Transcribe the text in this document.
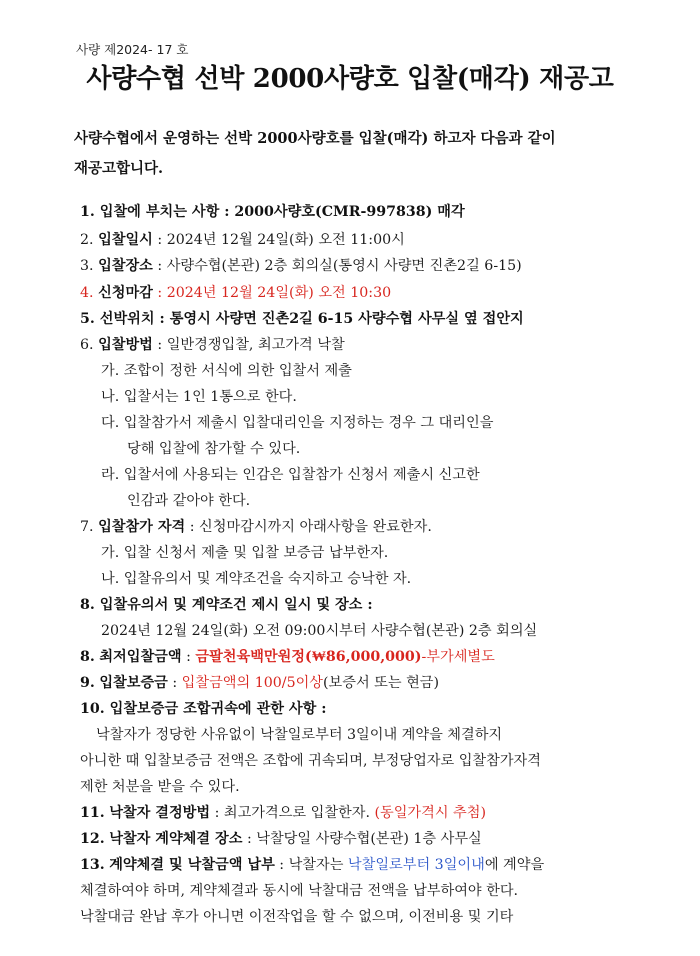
사량 제2024- 17 호
사량수협 선박 2000사량호 입찰(매각) 재공고
사량수협에서 운영하는 선박 2000사량호를 입찰(매각) 하고자 다음과 같이
재공고합니다.
1. 입찰에 부치는 사항 : 2000사량호(CMR-997838) 매각
2. 입찰일시 : 2024년 12월 24일(화) 오전 11:00시
3. 입찰장소 : 사량수협(본관) 2층 회의실(통영시 사량면 진촌2길 6-15)
4. 신청마감 : 2024년 12월 24일(화) 오전 10:30
5. 선박위치 : 통영시 사량면 진촌2길 6-15 사량수협 사무실 옆 접안지
6. 입찰방법 : 일반경쟁입찰, 최고가격 낙찰
가. 조합이 정한 서식에 의한 입찰서 제출
나. 입찰서는 1인 1통으로 한다.
다. 입찰참가서 제출시 입찰대리인을 지정하는 경우 그 대리인을
당해 입찰에 참가할 수 있다.
라. 입찰서에 사용되는 인감은 입찰참가 신청서 제출시 신고한
인감과 같아야 한다.
7. 입찰참가 자격 : 신청마감시까지 아래사항을 완료한자.
가. 입찰 신청서 제출 및 입찰 보증금 납부한자.
나. 입찰유의서 및 계약조건을 숙지하고 승낙한 자.
8. 입찰유의서 및 계약조건 제시 일시 및 장소 :
2024년 12월 24일(화) 오전 09:00시부터 사량수협(본관) 2층 회의실
8. 최저입찰금액 : 금팔천육백만원정(₩86,000,000)-부가세별도
9. 입찰보증금 : 입찰금액의 100/5이상(보증서 또는 현금)
10. 입찰보증금 조합귀속에 관한 사항 :
낙찰자가 정당한 사유없이 낙찰일로부터 3일이내 계약을 체결하지
아니한 때 입찰보증금 전액은 조합에 귀속되며, 부정당업자로 입찰참가자격
제한 처분을 받을 수 있다.
11. 낙찰자 결정방법 : 최고가격으로 입찰한자. (동일가격시 추첨)
12. 낙찰자 계약체결 장소 : 낙찰당일 사량수협(본관) 1층 사무실
13. 계약체결 및 낙찰금액 납부 : 낙찰자는 낙찰일로부터 3일이내에 계약을
체결하여야 하며, 계약체결과 동시에 낙찰대금 전액을 납부하여야 한다.
낙찰대금 완납 후가 아니면 이전작업을 할 수 없으며, 이전비용 및 기타
